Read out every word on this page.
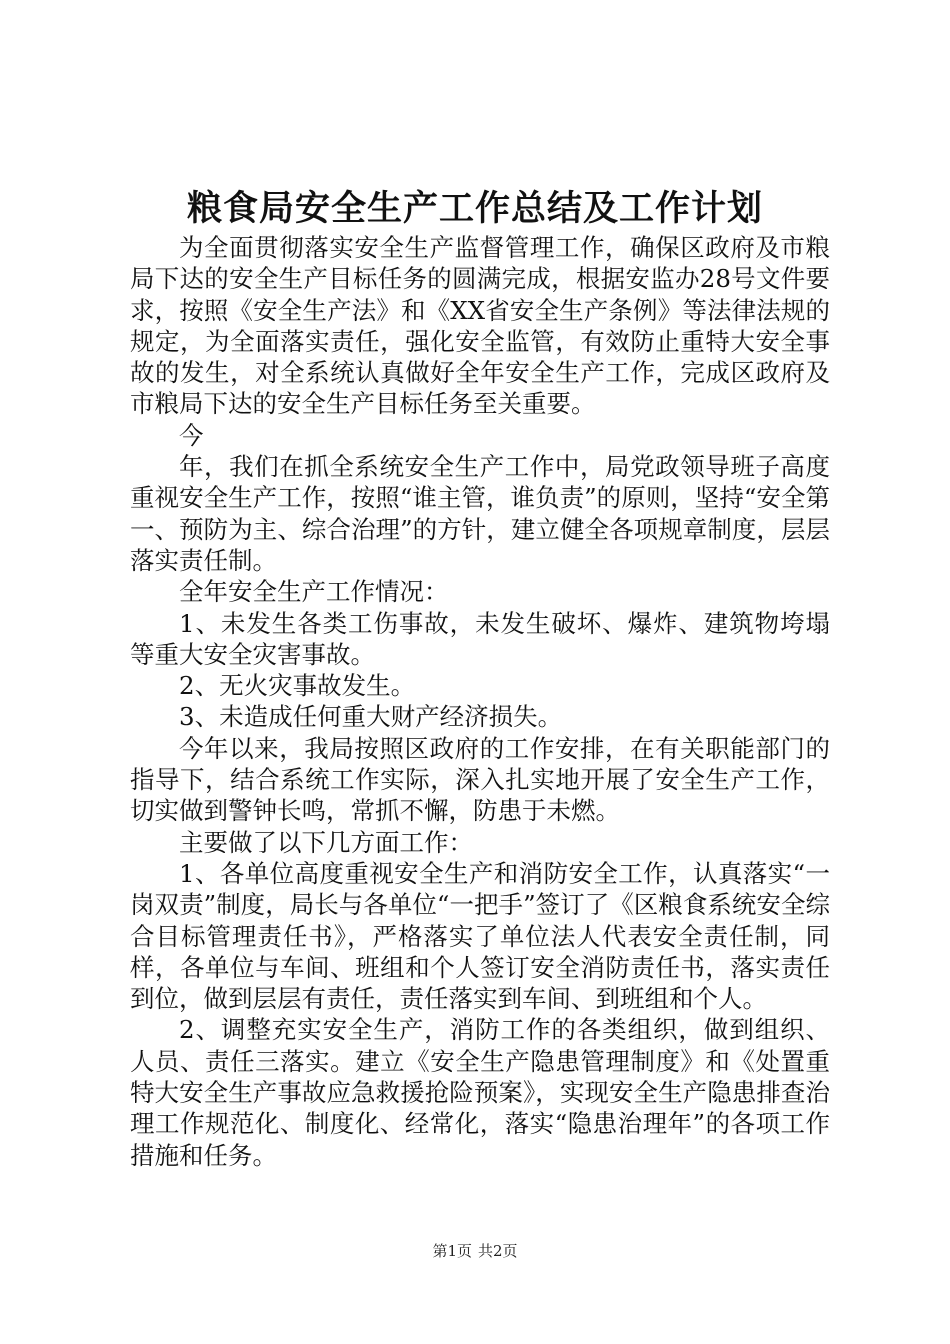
粮食局安全生产工作总结及工作计划

为全面贯彻落实安全生产监督管理工作，确保区政府及市粮局下达的安全生产目标任务的圆满完成，根据安监办28号文件要求，按照《安全生产法》和《XX省安全生产条例》等法律法规的规定，为全面落实责任，强化安全监管，有效防止重特大安全事故的发生，对全系统认真做好全年安全生产工作，完成区政府及市粮局下达的安全生产目标任务至关重要。

今

年，我们在抓全系统安全生产工作中，局党政领导班子高度重视安全生产工作，按照“谁主管，谁负责”的原则，坚持“安全第一、预防为主、综合治理”的方针，建立健全各项规章制度，层层落实责任制。

全年安全生产工作情况：

1、未发生各类工伤事故，未发生破坏、爆炸、建筑物垮塌等重大安全灾害事故。

2、无火灾事故发生。

3、未造成任何重大财产经济损失。

今年以来，我局按照区政府的工作安排，在有关职能部门的指导下，结合系统工作实际，深入扎实地开展了安全生产工作，切实做到警钟长鸣，常抓不懈，防患于未燃。

主要做了以下几方面工作：

1、各单位高度重视安全生产和消防安全工作，认真落实“一岗双责”制度，局长与各单位“一把手”签订了《区粮食系统安全综合目标管理责任书》，严格落实了单位法人代表安全责任制，同样，各单位与车间、班组和个人签订安全消防责任书，落实责任到位，做到层层有责任，责任落实到车间、到班组和个人。

2、调整充实安全生产，消防工作的各类组织，做到组织、人员、责任三落实。建立《安全生产隐患管理制度》和《处置重特大安全生产事故应急救援抢险预案》，实现安全生产隐患排查治理工作规范化、制度化、经常化，落实“隐患治理年”的各项工作措施和任务。

第1页 共2页
